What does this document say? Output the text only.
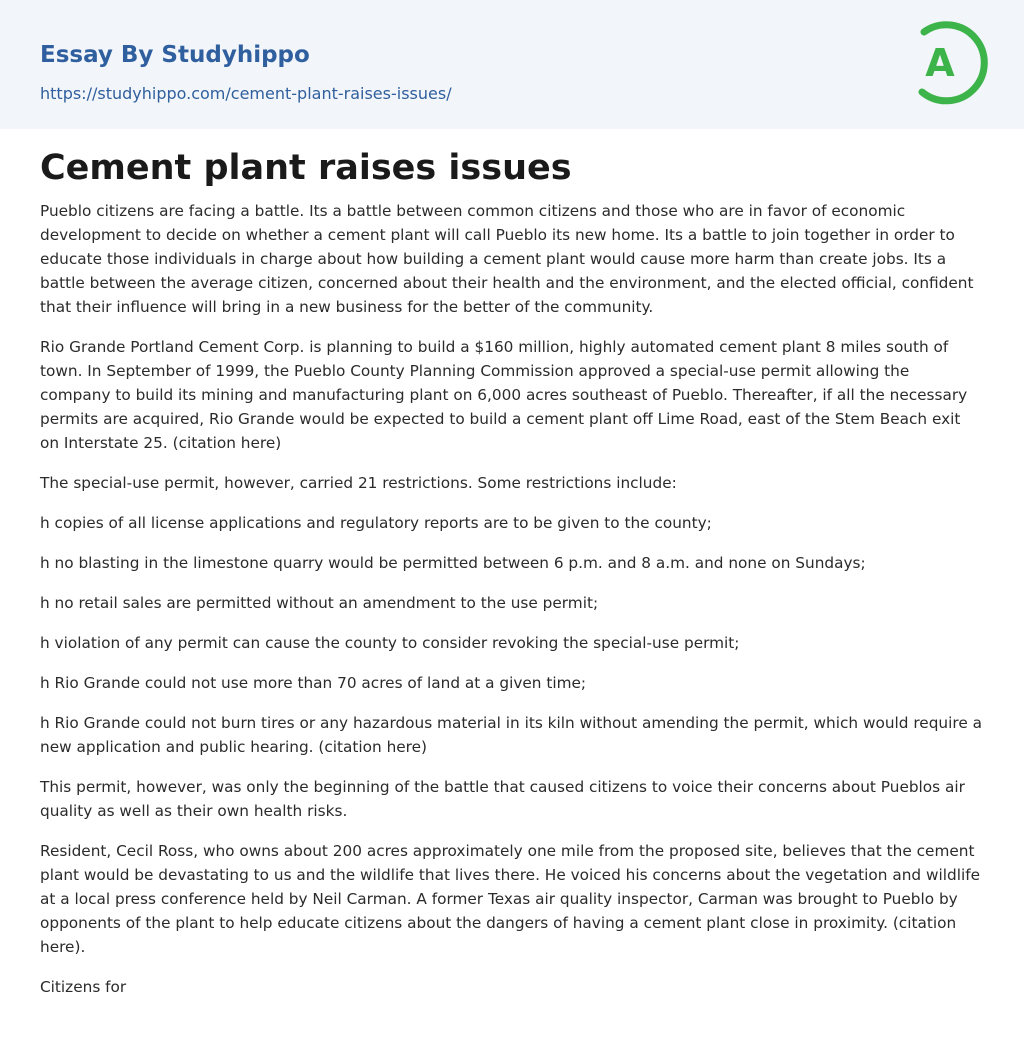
Essay By Studyhippo
https://studyhippo.com/cement-plant-raises-issues/
A
Cement plant raises issues

Pueblo citizens are facing a battle. Its a battle between common citizens and those who are in favor of economic development to decide on whether a cement plant will call Pueblo its new home. Its a battle to join together in order to educate those individuals in charge about how building a cement plant would cause more harm than create jobs. Its a battle between the average citizen, concerned about their health and the environment, and the elected official, confident that their influence will bring in a new business for the better of the community.

Rio Grande Portland Cement Corp. is planning to build a $160 million, highly automated cement plant 8 miles south of town. In September of 1999, the Pueblo County Planning Commission approved a special-use permit allowing the company to build its mining and manufacturing plant on 6,000 acres southeast of Pueblo. Thereafter, if all the necessary permits are acquired, Rio Grande would be expected to build a cement plant off Lime Road, east of the Stem Beach exit on Interstate 25. (citation here)

The special-use permit, however, carried 21 restrictions. Some restrictions include:

h copies of all license applications and regulatory reports are to be given to the county;

h no blasting in the limestone quarry would be permitted between 6 p.m. and 8 a.m. and none on Sundays;

h no retail sales are permitted without an amendment to the use permit;

h violation of any permit can cause the county to consider revoking the special-use permit;

h Rio Grande could not use more than 70 acres of land at a given time;

h Rio Grande could not burn tires or any hazardous material in its kiln without amending the permit, which would require a new application and public hearing. (citation here)

This permit, however, was only the beginning of the battle that caused citizens to voice their concerns about Pueblos air quality as well as their own health risks.

Resident, Cecil Ross, who owns about 200 acres approximately one mile from the proposed site, believes that the cement plant would be devastating to us and the wildlife that lives there. He voiced his concerns about the vegetation and wildlife at a local press conference held by Neil Carman. A former Texas air quality inspector, Carman was brought to Pueblo by opponents of the plant to help educate citizens about the dangers of having a cement plant close in proximity. (citation here).

Citizens for
